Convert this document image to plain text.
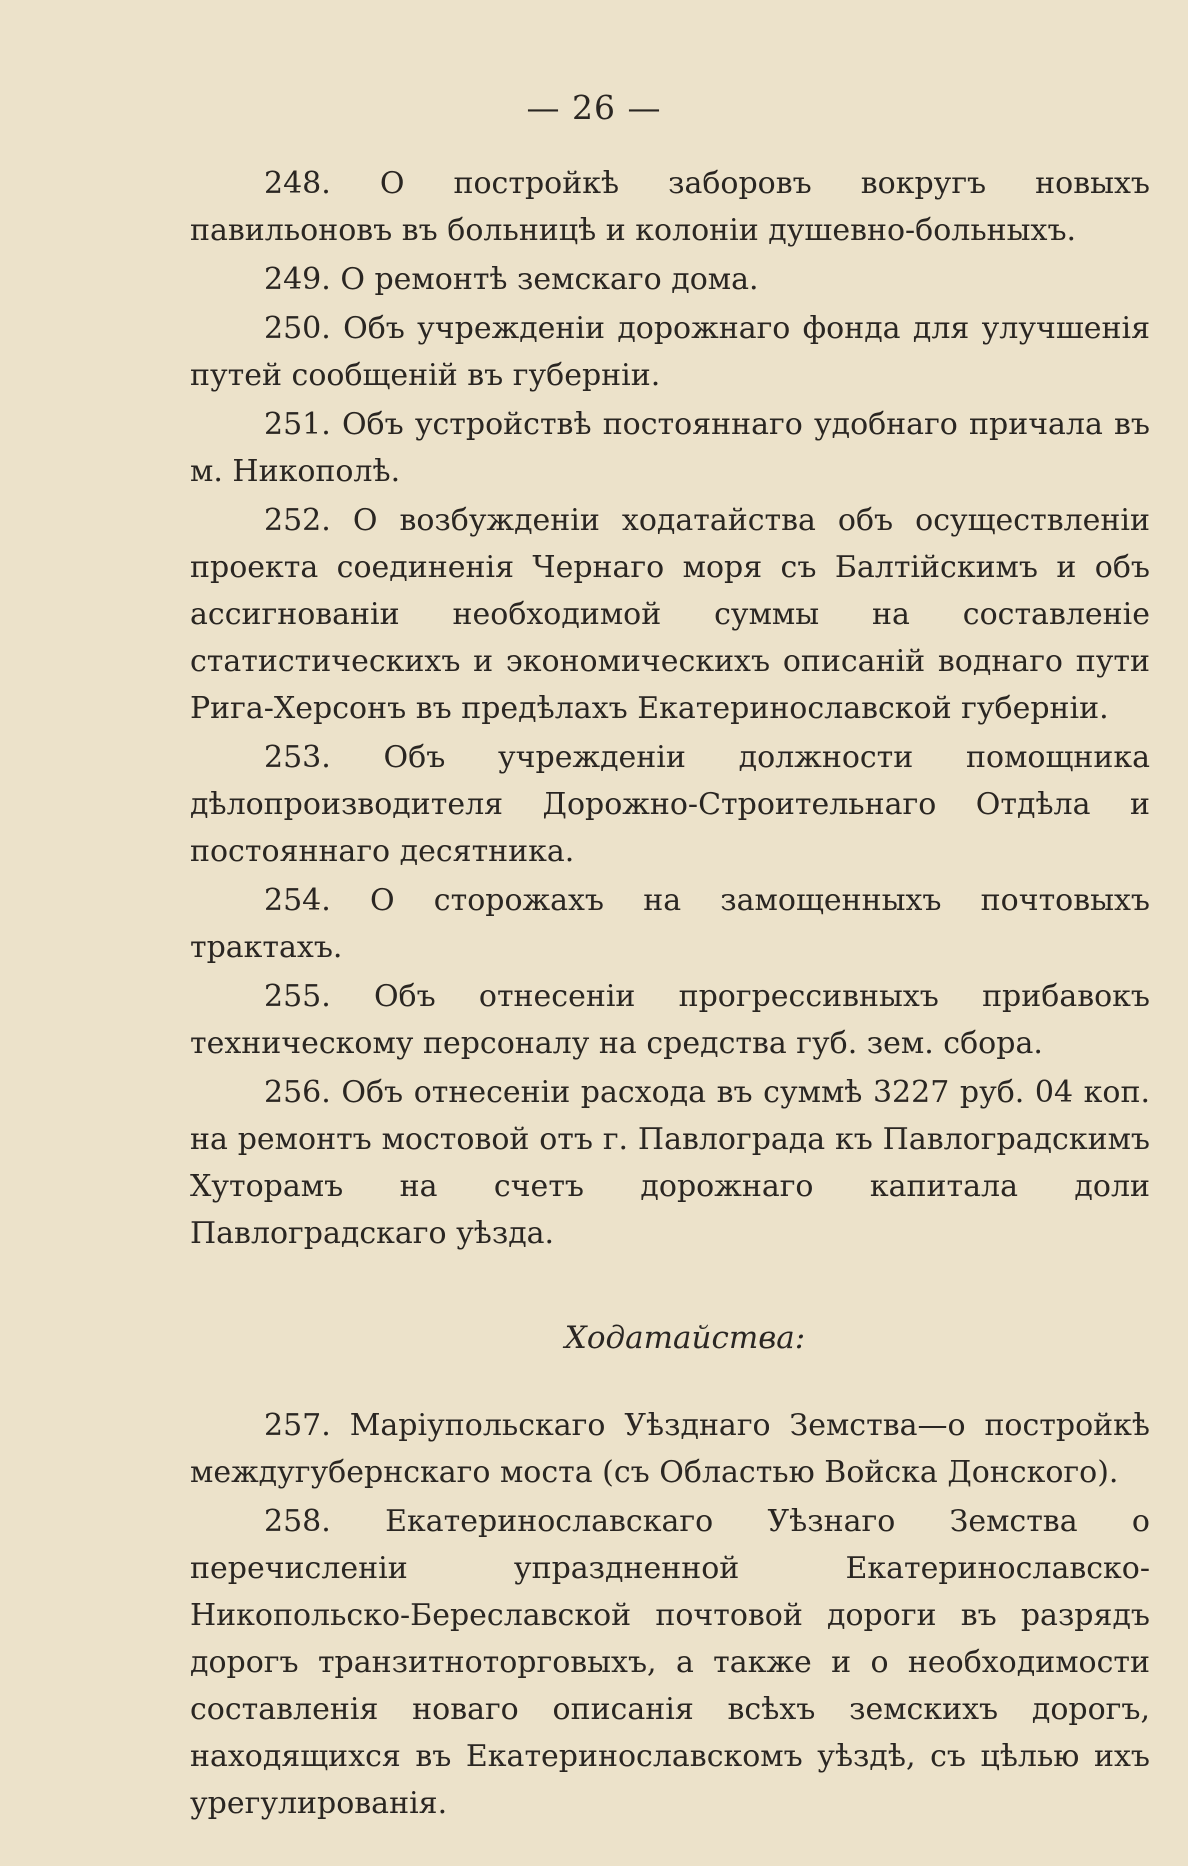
— 26 —

248. О постройкѣ заборовъ вокругъ новыхъ павильоновъ въ больницѣ и колоніи душевно-больныхъ.

249. О ремонтѣ земскаго дома.

250. Объ учрежденіи дорожнаго фонда для улучшенія путей сообщеній въ губерніи.

251. Объ устройствѣ постояннаго удобнаго причала въ м. Никополѣ.

252. О возбужденіи ходатайства объ осуществленіи проекта соединенія Чернаго моря съ Балтійскимъ и объ ассигнованіи необходимой суммы на составленіе статистическихъ и экономическихъ описаній воднаго пути Рига-Херсонъ въ предѣлахъ Екатеринославской губерніи.

253. Объ учрежденіи должности помощника дѣлопроизводителя Дорожно-Строительнаго Отдѣла и постояннаго десятника.

254. О сторожахъ на замощенныхъ почтовыхъ трактахъ.

255. Объ отнесеніи прогрессивныхъ прибавокъ техническому персоналу на средства губ. зем. сбора.

256. Объ отнесеніи расхода въ суммѣ 3227 руб. 04 коп. на ремонтъ мостовой отъ г. Павлограда къ Павлоградскимъ Хуторамъ на счетъ дорожнаго капитала доли Павлоградскаго уѣзда.

Ходатайства:

257. Маріупольскаго Уѣзднаго Земства—о постройкѣ междугубернскаго моста (съ Областью Войска Донского).

258. Екатеринославскаго Уѣзнаго Земства о перечисленіи упраздненной Екатеринославско-Никопольско-Береславской почтовой дороги въ разрядъ дорогъ транзитноторговыхъ, а также и о необходимости составленія новаго описанія всѣхъ земскихъ дорогъ, находящихся въ Екатеринославскомъ уѣздѣ, съ цѣлью ихъ урегулированія.
